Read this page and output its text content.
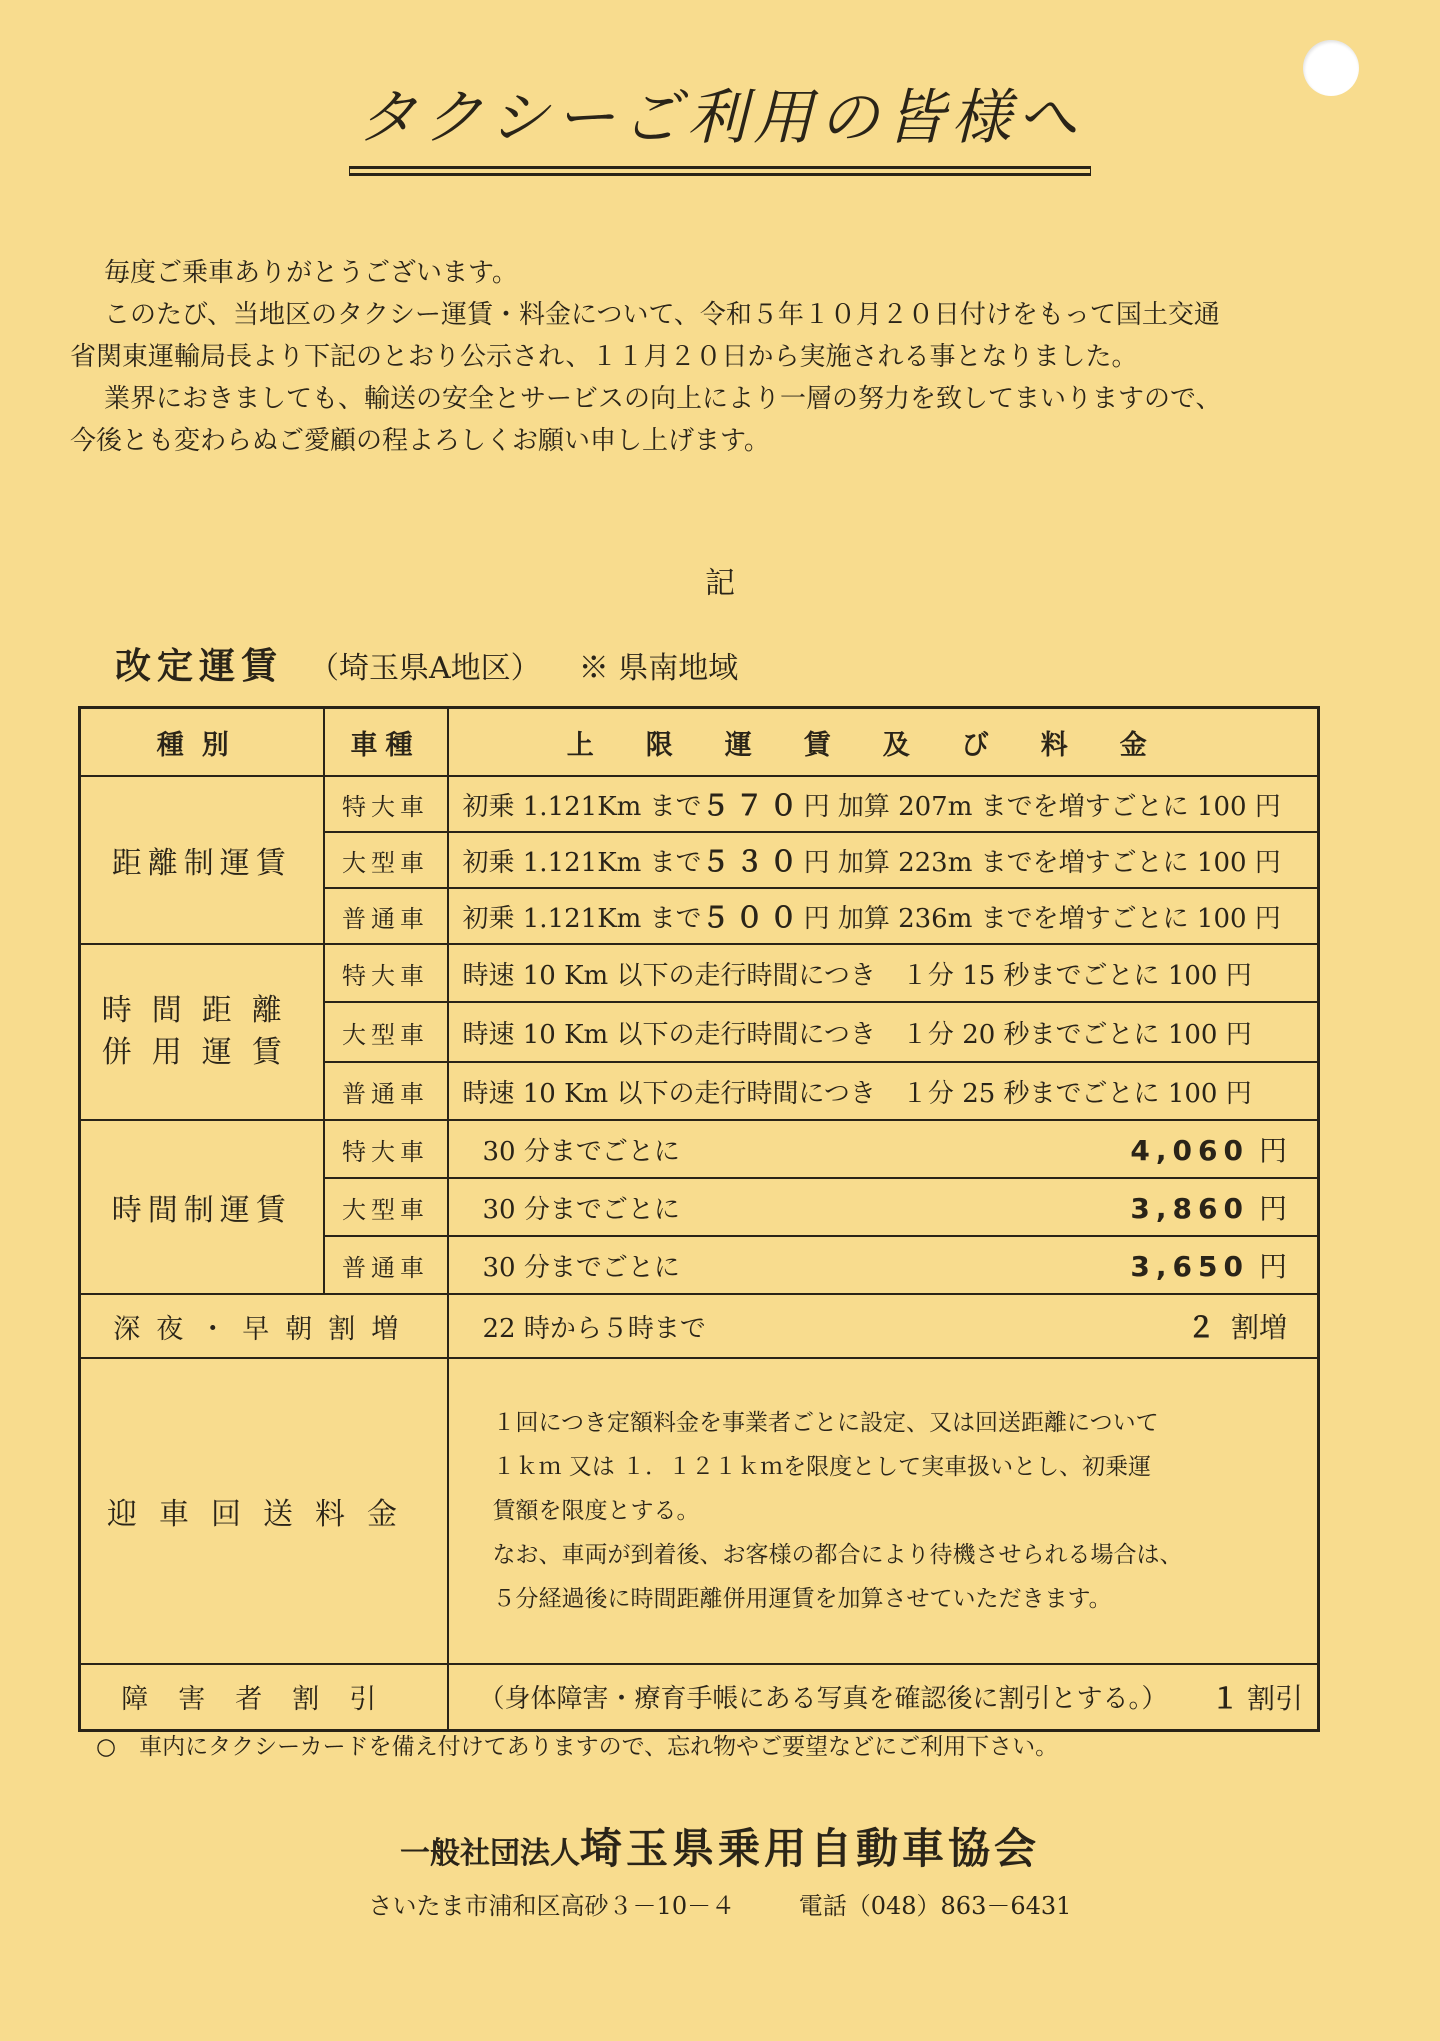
タクシーご利用の皆様へ

毎度ご乗車ありがとうございます。

このたび、当地区のタクシー運賃・料金について、令和５年１０月２０日付けをもって国土交通

省関東運輸局長より下記のとおり公示され、１１月２０日から実施される事となりました。

業界におきましても、輸送の安全とサービスの向上により一層の努力を致してまいりますので、

今後とも変わらぬご愛顧の程よろしくお願い申し上げます。

記
改定運賃 （埼玉県A地区） ※ 県南地域
種別	車種	上限運賃及び料金
距離制運賃	特大車	初乗 1.121Km まで５７０円 加算 207m までを増すごとに 100 円
	大型車	初乗 1.121Km まで５３０円 加算 223m までを増すごとに 100 円
	普通車	初乗 1.121Km まで５００円 加算 236m までを増すごとに 100 円

時間距離
併用運賃	特大車	時速 10 Km 以下の走行時間につき　１分 15 秒までごとに 100 円
	大型車	時速 10 Km 以下の走行時間につき　１分 20 秒までごとに 100 円
	普通車	時速 10 Km 以下の走行時間につき　１分 25 秒までごとに 100 円
時間制運賃	特大車	30 分までごとに 4,060 円

	大型車	30 分までごとに 3,860 円

	普通車	30 分までごとに 3,650 円

深夜・早朝割増		22 時から５時まで ２ 割増

迎車回送料金		１回につき定額料金を事業者ごとに設定、又は回送距離について

１ｋｍ 又は １．１２１ｋｍを限度として実車扱いとし、初乗運

賃額を限度とする。

なお、車両が到着後、お客様の都合により待機させられる場合は、

５分経過後に時間距離併用運賃を加算させていただきます。

障害者割引		（身体障害・療育手帳にある写真を確認後に割引とする。） １割引
○　車内にタクシーカードを備え付けてありますので、忘れ物やご要望などにご利用下さい。
一般社団法人埼玉県乗用自動車協会
さいたま市浦和区高砂３－10－４	電話（048）863－6431
